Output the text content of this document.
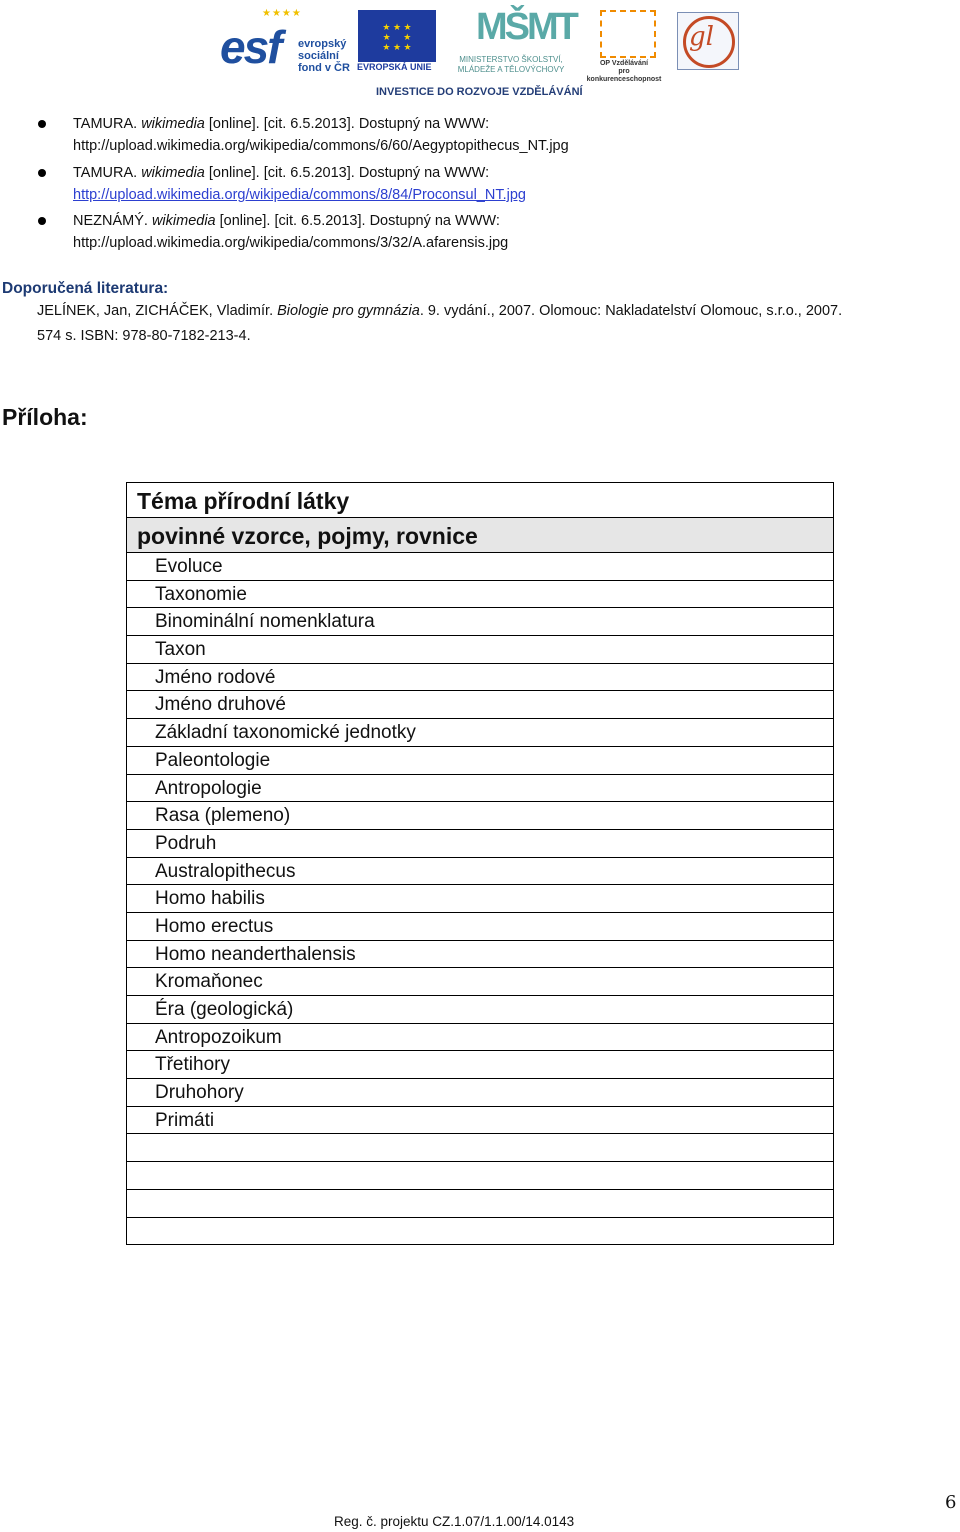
★★★★
esf evropský
sociální
fond v ČR
★ ★ ★
★     ★
★ ★ ★
EVROPSKÁ UNIE
MŠMT
MINISTERSTVO ŠKOLSTVÍ,
MLÁDEŽE A TĚLOVÝCHOVY
OP Vzdělávání
pro konkurenceschopnost
gl
INVESTICE DO ROZVOJE VZDĚLÁVÁNÍ
TAMURA. wikimedia [online]. [cit. 6.5.2013]. Dostupný na WWW:
http://upload.wikimedia.org/wikipedia/commons/6/60/Aegyptopithecus_NT.jpg
TAMURA. wikimedia [online]. [cit. 6.5.2013]. Dostupný na WWW:
http://upload.wikimedia.org/wikipedia/commons/8/84/Proconsul_NT.jpg
NEZNÁMÝ. wikimedia [online]. [cit. 6.5.2013]. Dostupný na WWW:
http://upload.wikimedia.org/wikipedia/commons/3/32/A.afarensis.jpg
Doporučená literatura:
JELÍNEK, Jan, ZICHÁČEK, Vladimír. Biologie pro gymnázia. 9. vydání., 2007. Olomouc: Nakladatelství Olomouc, s.r.o., 2007.
574 s. ISBN: 978-80-7182-213-4.
Příloha:
Téma přírodní látky
povinné vzorce, pojmy, rovnice
Evoluce
Taxonomie
Binominální nomenklatura
Taxon
Jméno rodové
Jméno druhové
Základní taxonomické jednotky
Paleontologie
Antropologie
Rasa (plemeno)
Podruh
Australopithecus
Homo habilis
Homo erectus
Homo neanderthalensis
Kromaňonec
Éra (geologická)
Antropozoikum
Třetihory
Druhohory
Primáti
Reg. č. projektu CZ.1.07/1.1.00/14.0143
6
